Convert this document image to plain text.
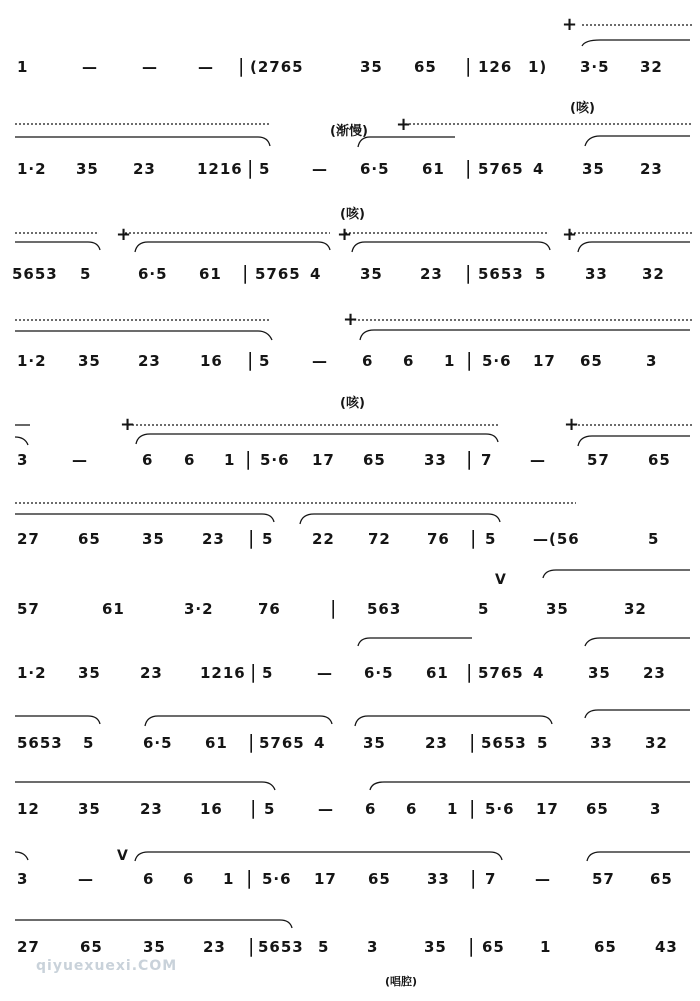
1	—	—	— | (2765	35 65 | 126 1) 3·5 32
1·2 35 23	1216 | 5	— 6·5 61 | 5765 4	35 23
5653 5	6·5 61 | 5765 4	35 23 | 5653 5	33 32
1·2 35 23	16 | 5	— 6 6 1 | 5·6 17 65	3
3	—	6 6 1 | 5·6 17 65	33 | 7	—	57	65
27	65	35 23 | 5	22 72 76 | 5 —(56	5
57	61	3·2	76	| 563	5	35	32
1·2 35	23 1216 | 5	— 6·5 61 | 5765 4	35 23
5653 5	6·5 61 | 5765 4	35	23 | 5653 5	33 32
12	35	23 16 | 5	— 6 6 1 | 5·6 17 65	3
3	—	6 6 1 | 5·6 17 65 33 | 7	—	57 65
27	65	35 23 | 5653 5	3	35 | 65 1	65	43
(咳)
(渐慢)
(咳)
(咳)
(唱腔)
V
V
+
+
+	+	+
+
+	+
qiyuexuexi.COM
